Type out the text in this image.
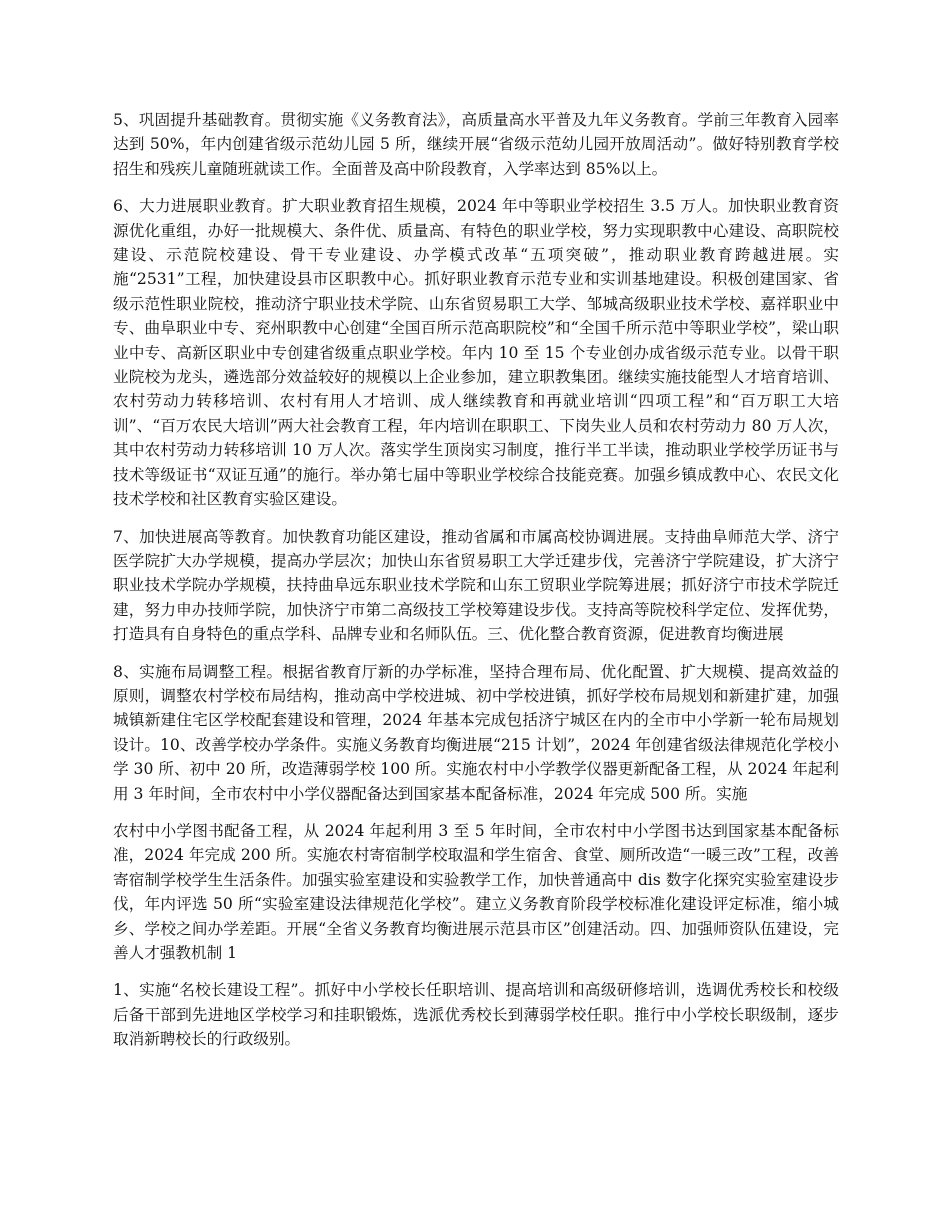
5、巩固提升基础教育。贯彻实施《义务教育法》，高质量高水平普及九年义务教育。学前三年教育入园率达到 50%，年内创建省级示范幼儿园 5 所，继续开展“省级示范幼儿园开放周活动”。做好特别教育学校招生和残疾儿童随班就读工作。全面普及高中阶段教育，入学率达到 85%以上。

6、大力进展职业教育。扩大职业教育招生规模，2024 年中等职业学校招生 3.5 万人。加快职业教育资源优化重组，办好一批规模大、条件优、质量高、有特色的职业学校，努力实现职教中心建设、高职院校建设、示范院校建设、骨干专业建设、办学模式改革“五项突破”，推动职业教育跨越进展。实施“2531”工程，加快建设县市区职教中心。抓好职业教育示范专业和实训基地建设。积极创建国家、省级示范性职业院校，推动济宁职业技术学院、山东省贸易职工大学、邹城高级职业技术学校、嘉祥职业中专、曲阜职业中专、兖州职教中心创建“全国百所示范高职院校”和“全国千所示范中等职业学校”，梁山职业中专、高新区职业中专创建省级重点职业学校。年内 10 至 15 个专业创办成省级示范专业。以骨干职业院校为龙头，遴选部分效益较好的规模以上企业参加，建立职教集团。继续实施技能型人才培育培训、农村劳动力转移培训、农村有用人才培训、成人继续教育和再就业培训“四项工程”和“百万职工大培训”、“百万农民大培训”两大社会教育工程，年内培训在职职工、下岗失业人员和农村劳动力 80 万人次，其中农村劳动力转移培训 10 万人次。落实学生顶岗实习制度，推行半工半读，推动职业学校学历证书与技术等级证书“双证互通”的施行。举办第七届中等职业学校综合技能竞赛。加强乡镇成教中心、农民文化技术学校和社区教育实验区建设。

7、加快进展高等教育。加快教育功能区建设，推动省属和市属高校协调进展。支持曲阜师范大学、济宁医学院扩大办学规模，提高办学层次；加快山东省贸易职工大学迁建步伐，完善济宁学院建设，扩大济宁职业技术学院办学规模，扶持曲阜远东职业技术学院和山东工贸职业学院筹进展；抓好济宁市技术学院迁建，努力申办技师学院，加快济宁市第二高级技工学校筹建设步伐。支持高等院校科学定位、发挥优势，打造具有自身特色的重点学科、品牌专业和名师队伍。三、优化整合教育资源，促进教育均衡进展

8、实施布局调整工程。根据省教育厅新的办学标准，坚持合理布局、优化配置、扩大规模、提高效益的原则，调整农村学校布局结构，推动高中学校进城、初中学校进镇，抓好学校布局规划和新建扩建，加强城镇新建住宅区学校配套建设和管理，2024 年基本完成包括济宁城区在内的全市中小学新一轮布局规划设计。10、改善学校办学条件。实施义务教育均衡进展“215 计划”，2024 年创建省级法律规范化学校小学 30 所、初中 20 所，改造薄弱学校 100 所。实施农村中小学教学仪器更新配备工程，从 2024 年起利用 3 年时间，全市农村中小学仪器配备达到国家基本配备标准，2024 年完成 500 所。实施

农村中小学图书配备工程，从 2024 年起利用 3 至 5 年时间，全市农村中小学图书达到国家基本配备标准，2024 年完成 200 所。实施农村寄宿制学校取温和学生宿舍、食堂、厕所改造“一暖三改”工程，改善寄宿制学校学生生活条件。加强实验室建设和实验教学工作，加快普通高中 dis 数字化探究实验室建设步伐，年内评选 50 所“实验室建设法律规范化学校”。建立义务教育阶段学校标准化建设评定标准，缩小城乡、学校之间办学差距。开展“全省义务教育均衡进展示范县市区”创建活动。四、加强师资队伍建设，完善人才强教机制 1

1、实施“名校长建设工程”。抓好中小学校长任职培训、提高培训和高级研修培训，选调优秀校长和校级后备干部到先进地区学校学习和挂职锻炼，选派优秀校长到薄弱学校任职。推行中小学校长职级制，逐步取消新聘校长的行政级别。
